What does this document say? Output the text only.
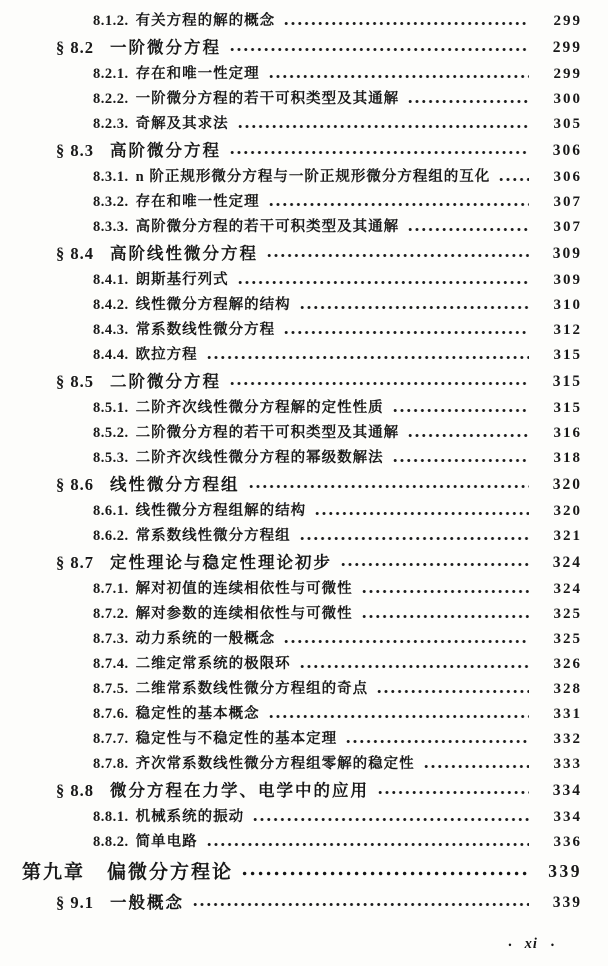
8.1.2. 有关方程的解的概念	299
§ 8.2 一阶微分方程	299
8.2.1. 存在和唯一性定理	299
8.2.2. 一阶微分方程的若干可积类型及其通解	300
8.2.3. 奇解及其求法	305
§ 8.3 高阶微分方程	306
8.3.1. n 阶正规形微分方程与一阶正规形微分方程组的互化	306
8.3.2. 存在和唯一性定理	307
8.3.3. 高阶微分方程的若干可积类型及其通解	307
§ 8.4 高阶线性微分方程	309
8.4.1. 朗斯基行列式	309
8.4.2. 线性微分方程解的结构	310
8.4.3. 常系数线性微分方程	312
8.4.4. 欧拉方程	315
§ 8.5 二阶微分方程	315
8.5.1. 二阶齐次线性微分方程解的定性性质	315
8.5.2. 二阶微分方程的若干可积类型及其通解	316
8.5.3. 二阶齐次线性微分方程的幂级数解法	318
§ 8.6 线性微分方程组	320
8.6.1. 线性微分方程组解的结构	320
8.6.2. 常系数线性微分方程组	321
§ 8.7 定性理论与稳定性理论初步	324
8.7.1. 解对初值的连续相依性与可微性	324
8.7.2. 解对参数的连续相依性与可微性	325
8.7.3. 动力系统的一般概念	325
8.7.4. 二维定常系统的极限环	326
8.7.5. 二维常系数线性微分方程组的奇点	328
8.7.6. 稳定性的基本概念	331
8.7.7. 稳定性与不稳定性的基本定理	332
8.7.8. 齐次常系数线性微分方程组零解的稳定性	333
§ 8.8 微分方程在力学、电学中的应用	334
8.8.1. 机械系统的振动	334
8.8.2. 简单电路	336
第九章 偏微分方程论	339
§ 9.1 一般概念	339
• xi •
